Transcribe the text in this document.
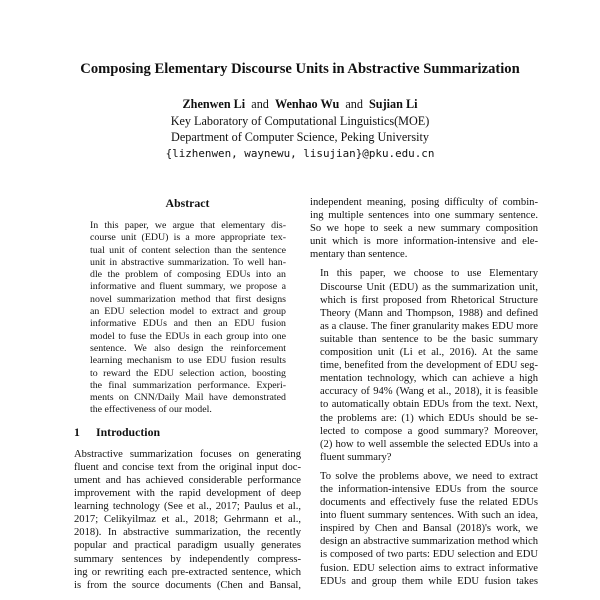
Composing Elementary Discourse Units in Abstractive Summarization
Zhenwen Li and Wenhao Wu and Sujian Li
Key Laboratory of Computational Linguistics(MOE)
Department of Computer Science, Peking University
{lizhenwen, waynewu, lisujian}@pku.edu.cn
Abstract
In this paper, we argue that elementary dis-
course unit (EDU) is a more appropriate tex-
tual unit of content selection than the sentence
unit in abstractive summarization. To well han-
dle the problem of composing EDUs into an
informative and fluent summary, we propose a
novel summarization method that first designs
an EDU selection model to extract and group
informative EDUs and then an EDU fusion
model to fuse the EDUs in each group into one
sentence. We also design the reinforcement
learning mechanism to use EDU fusion results
to reward the EDU selection action, boosting
the final summarization performance. Experi-
ments on CNN/Daily Mail have demonstrated
the effectiveness of our model.
1 Introduction
Abstractive summarization focuses on generating
fluent and concise text from the original input doc-
ument and has achieved considerable performance
improvement with the rapid development of deep
learning technology (See et al., 2017; Paulus et al.,
2017; Celikyilmaz et al., 2018; Gehrmann et al.,
2018). In abstractive summarization, the recently
popular and practical paradigm usually generates
summary sentences by independently compress-
ing or rewriting each pre-extracted sentence, which
is from the source documents (Chen and Bansal,
independent meaning, posing difficulty of combin-
ing multiple sentences into one summary sentence.
So we hope to seek a new summary composition
unit which is more information-intensive and ele-
mentary than sentence.
In this paper, we choose to use Elementary
Discourse Unit (EDU) as the summarization unit,
which is first proposed from Rhetorical Structure
Theory (Mann and Thompson, 1988) and defined
as a clause. The finer granularity makes EDU more
suitable than sentence to be the basic summary
composition unit (Li et al., 2016). At the same
time, benefited from the development of EDU seg-
mentation technology, which can achieve a high
accuracy of 94% (Wang et al., 2018), it is feasible
to automatically obtain EDUs from the text. Next,
the problems are: (1) which EDUs should be se-
lected to compose a good summary? Moreover,
(2) how to well assemble the selected EDUs into a
fluent summary?
To solve the problems above, we need to extract
the information-intensive EDUs from the source
documents and effectively fuse the related EDUs
into fluent summary sentences. With such an idea,
inspired by Chen and Bansal (2018)'s work, we
design an abstractive summarization method which
is composed of two parts: EDU selection and EDU
fusion. EDU selection aims to extract informative
EDUs and group them while EDU fusion takes
